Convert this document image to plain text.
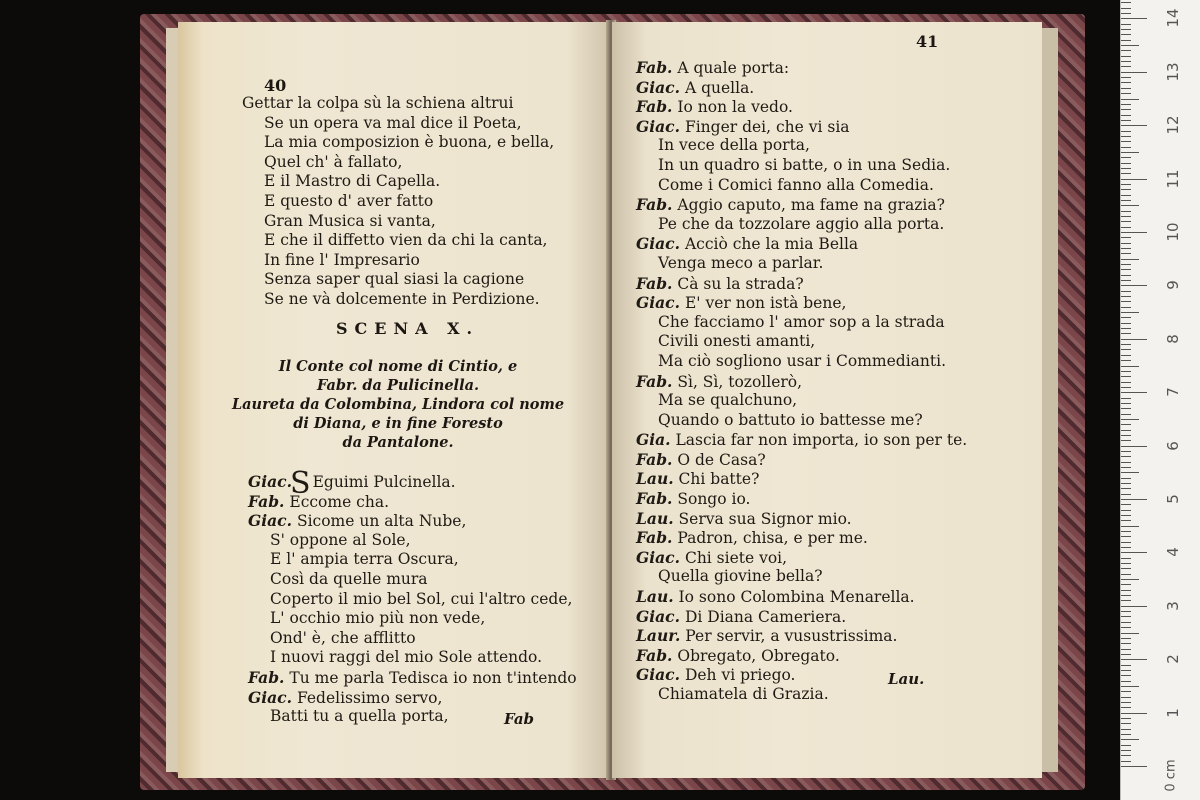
40
Gettar la colpa sù la schiena altrui
Se un opera va mal dice il Poeta,
La mia composizion è buona, e bella,
Quel ch' à fallato,
E il Mastro di Capella.
E questo d' aver fatto
Gran Musica si vanta,
E che il diffetto vien da chi la canta,
In fine l' Impresario
Senza saper qual siasi la cagione
Se ne và dolcemente in Perdizione.
SCENA X.
Il Conte col nome di Cintio, e
Fabr. da Pulicinella.
Laureta da Colombina, Lindora col nome
di Diana, e in fine Foresto
da Pantalone.
Giac.S Eguimi Pulcinella.
Fab. Eccome cha.
Giac. Sicome un alta Nube,
S' oppone al Sole,
E l' ampia terra Oscura,
Così da quelle mura
Coperto il mio bel Sol, cui l'altro cede,
L' occhio mio più non vede,
Ond' è, che afflitto
I nuovi raggi del mio Sole attendo.
Fab. Tu me parla Tedisca io non t'intendo
Giac. Fedelissimo servo,
Batti tu a quella porta,	Fab
41
Fab. A quale porta:
Giac. A quella.
Fab. Io non la vedo.
Giac. Finger dei, che vi sia
In vece della porta,
In un quadro si batte, o in una Sedia.
Come i Comici fanno alla Comedia.
Fab. Aggio caputo, ma fame na grazia?
Pe che da tozzolare aggio alla porta.
Giac. Acciò che la mia Bella
Venga meco a parlar.
Fab. Cà su la strada?
Giac. E' ver non istà bene,
Che facciamo l' amor sop a la strada
Civili onesti amanti,
Ma ciò sogliono usar i Commedianti.
Fab. Sì, Sì, tozollerò,
Ma se qualchuno,
Quando o battuto io battesse me?
Gia. Lascia far non importa, io son per te.
Fab. O de Casa?
Lau. Chi batte?
Fab. Songo io.
Lau. Serva sua Signor mio.
Fab. Padron, chisa, e per me.
Giac. Chi siete voi,
Quella giovine bella?
Lau. Io sono Colombina Menarella.
Giac. Di Diana Cameriera.
Laur. Per servir, a vusustrissima.
Fab. Obregato, Obregato.
Giac. Deh vi priego.
Chiamatela di Grazia.
Lau.
0 cm
1
2
3
4
5
6
7
8
9
10
11
12
13
14
